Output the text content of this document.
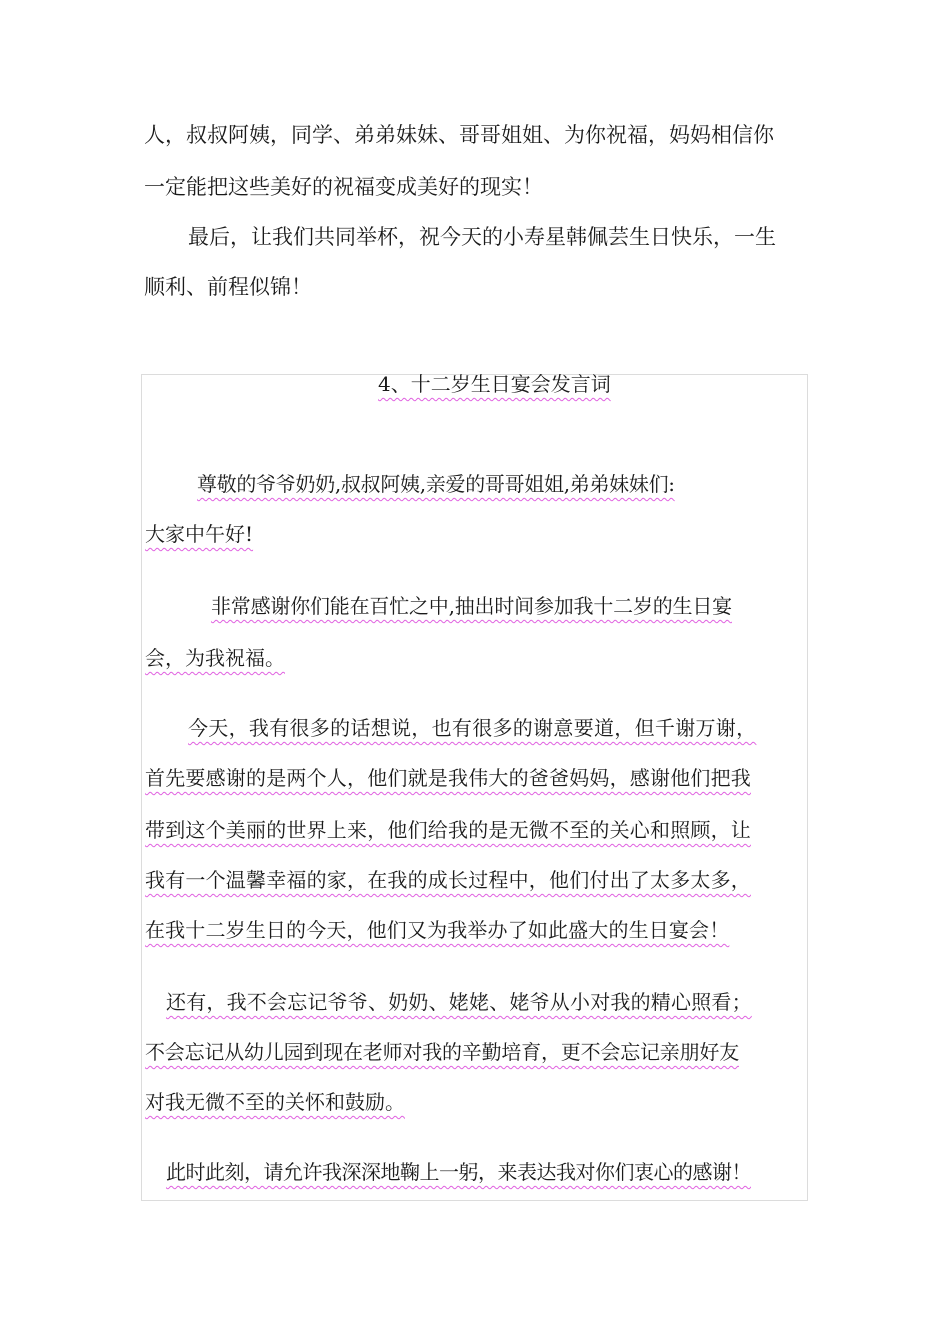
人，叔叔阿姨，同学、弟弟妹妹、哥哥姐姐、为你祝福，妈妈相信你
一定能把这些美好的祝福变成美好的现实！
最后，让我们共同举杯，祝今天的小寿星韩佩芸生日快乐，一生
顺利、前程似锦！
4、十二岁生日宴会发言词
尊敬的爷爷奶奶,叔叔阿姨,亲爱的哥哥姐姐,弟弟妹妹们:
大家中午好!
非常感谢你们能在百忙之中,抽出时间参加我十二岁的生日宴
会，为我祝福。
今天，我有很多的话想说，也有很多的谢意要道，但千谢万谢，
首先要感谢的是两个人，他们就是我伟大的爸爸妈妈，感谢他们把我
带到这个美丽的世界上来，他们给我的是无微不至的关心和照顾，让
我有一个温馨幸福的家，在我的成长过程中，他们付出了太多太多，
在我十二岁生日的今天，他们又为我举办了如此盛大的生日宴会！
还有，我不会忘记爷爷、奶奶、姥姥、姥爷从小对我的精心照看；
不会忘记从幼儿园到现在老师对我的辛勤培育，更不会忘记亲朋好友
对我无微不至的关怀和鼓励。
此时此刻，请允许我深深地鞠上一躬，来表达我对你们衷心的感谢！
